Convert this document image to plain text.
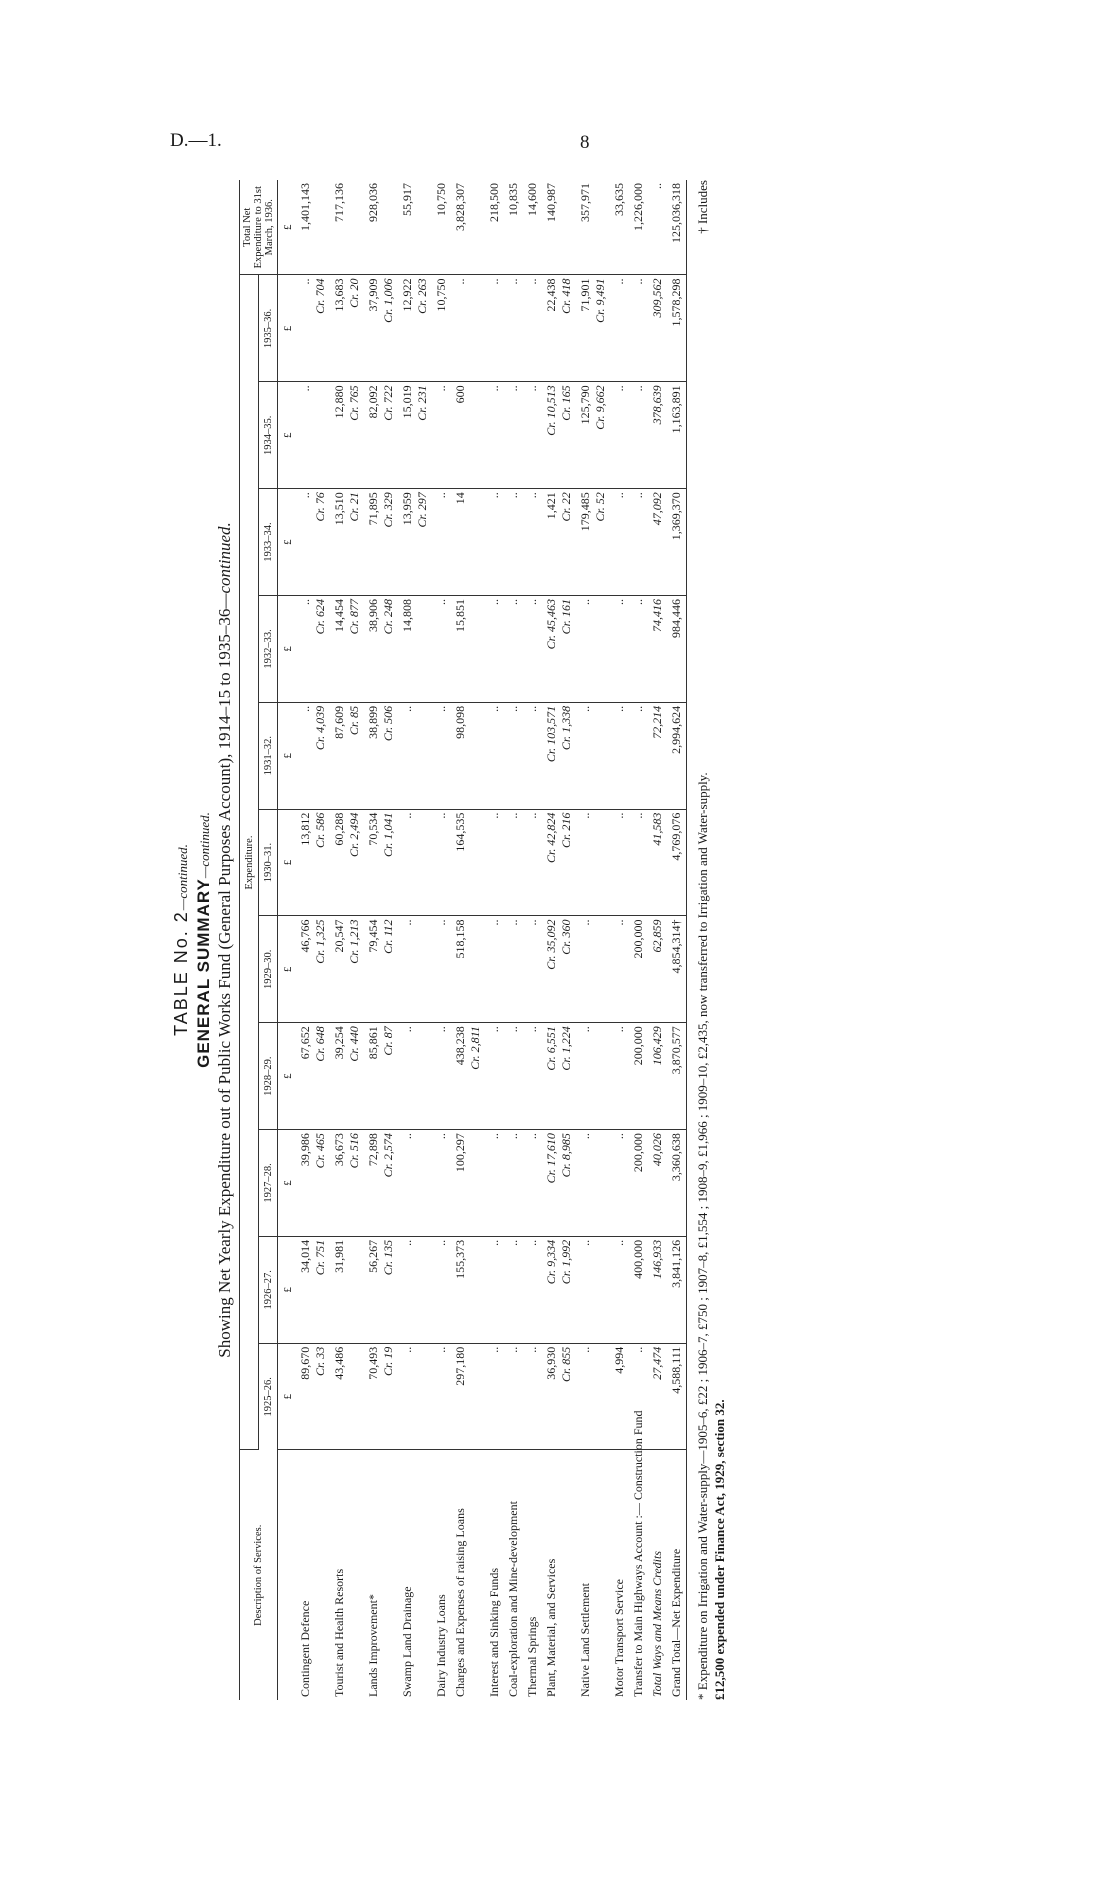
D.—1.	8
TABLE No. 2—continued.
GENERAL SUMMARY—continued. Showing Net Yearly Expenditure out of Public Works Fund (General Purposes Account), 1914–15 to 1935–36—continued.
Description of Services.	Expenditure.											Total Net Expenditure to 31st March, 1936.
	1925–26.	1926–27.	1927–28.	1928–29.	1929–30.	1930–31.	1931–32.	1932–33.	1933–34.	1934–35.	1935–36.	
	£	£	£	£	£	£	£	£	£	£	£	£
Contingent Defence	89,670 Cr. 33	34,014 Cr. 751	39,986 Cr. 465	67,652 Cr. 648	46,766 Cr. 1,325	13,812 Cr. 586	.. Cr. 4,039	.. Cr. 624	.. Cr. 76	..	.. Cr. 704	1,401,143
Tourist and Health Resorts	43,486	31,981	36,673 Cr. 516	39,254 Cr. 440	20,547 Cr. 1,213	60,288 Cr. 2,494	87,609 Cr. 85	14,454 Cr. 877	13,510 Cr. 21	12,880 Cr. 765	13,683 Cr. 20	717,136
Lands Improvement*	70,493 Cr. 19	56,267 Cr. 135	72,898 Cr. 2,574	85,861 Cr. 87	79,454 Cr. 112	70,534 Cr. 1,041	38,899 Cr. 506	38,906 Cr. 248	71,895 Cr. 329	82,092 Cr. 722	37,909 Cr. 1,006	928,036
Swamp Land Drainage	..	..	..	..	..	..	..	14,808	13,959 Cr. 297	15,019 Cr. 231	12,922 Cr. 263	55,917
Dairy Industry Loans	..	..	..	..	..	..	..	..	..	..	10,750	10,750
Charges and Expenses of raising Loans	297,180	155,373	100,297	438,238 Cr. 2,811	518,158	164,535	98,098	15,851	14	600	..	3,828,307
Interest and Sinking Funds	..	..	..	..	..	..	..	..	..	..	..	218,500
Coal-exploration and Mine-development	..	..	..	..	..	..	..	..	..	..	..	10,835
Thermal Springs	..	..	..	..	..	..	..	..	..	..	..	14,600
Plant, Material, and Services	36,930 Cr. 855	Cr. 9,334 Cr. 1,992	Cr. 17,610 Cr. 8,985	Cr. 6,551 Cr. 1,224	Cr. 35,092 Cr. 360	Cr. 42,824 Cr. 216	Cr. 103,571 Cr. 1,338	Cr. 45,463 Cr. 161	1,421 Cr. 22	Cr. 10,513 Cr. 165	22,438 Cr. 418	140,987
Native Land Settlement	..	..	..	..	..	..	..	..	179,485 Cr. 52	125,790 Cr. 9,662	71,901 Cr. 9,491	357,971
Motor Transport Service	4,994	..	..	..	..	..	..	..	..	..	..	33,635
Transfer to Main Highways Account :— Construction Fund	..	400,000	200,000	200,000	200,000	..	..	..	..	..	..	1,226,000
Total Ways and Means Credits	27,474	146,933	40,026	106,429	62,859	41,583	72,214	74,416	47,092	378,639	309,562	..
Grand Total—Net Expenditure	4,588,111	3,841,126	3,360,638	3,870,577	4,854,314†	4,769,076	2,994,624	984,446	1,369,370	1,163,891	1,578,298	125,036,318
* Expenditure on Irrigation and Water-supply—1905–6, £22 ; 1906–7, £750 ; 1907–8, £1,554 ; 1908–9, £1,966 ; 1909–10, £2,435, now transferred to Irrigation and Water-supply.
† Includes

£12,500 expended under Finance Act, 1929, section 32.
